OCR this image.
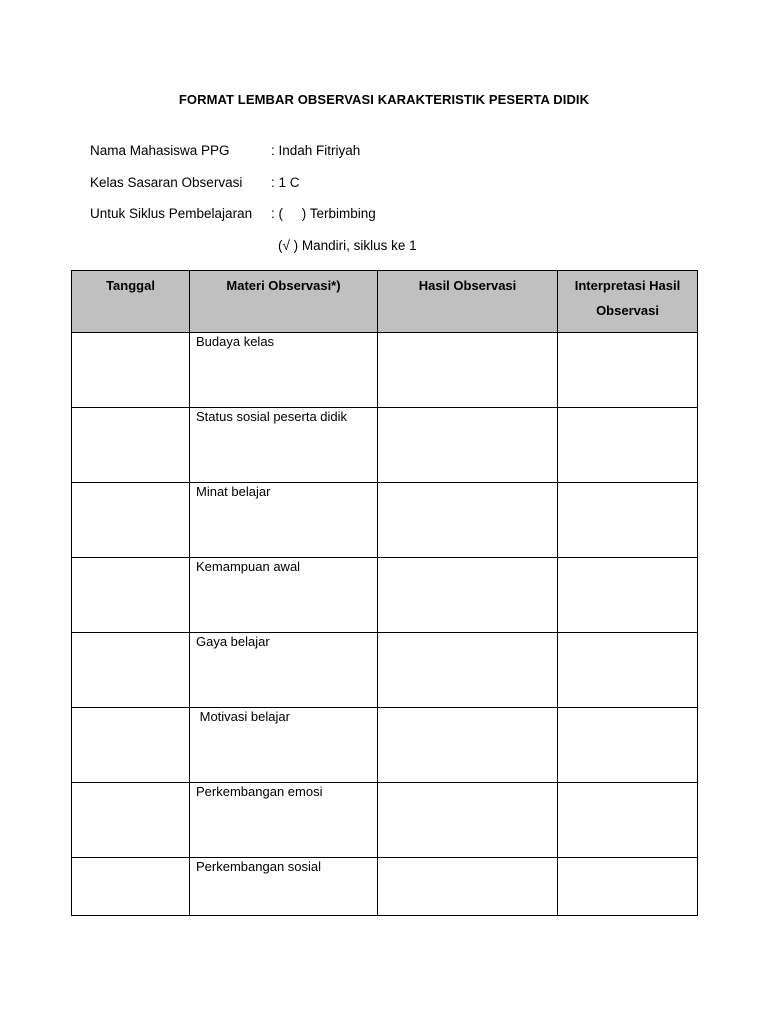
FORMAT LEMBAR OBSERVASI KARAKTERISTIK PESERTA DIDIK
Nama Mahasiswa PPG	: Indah Fitriyah
Kelas Sasaran Observasi : 1 C
Untuk Siklus Pembelajaran : (     ) Terbimbing
(√ ) Mandiri, siklus ke 1
Tanggal	Materi Observasi*)	Hasil Observasi	Interpretasi Hasil Observasi
	Budaya kelas		
	Status sosial peserta didik		
	Minat belajar		
	Kemampuan awal		
	Gaya belajar		
	Motivasi belajar		
	Perkembangan emosi		
	Perkembangan sosial		
